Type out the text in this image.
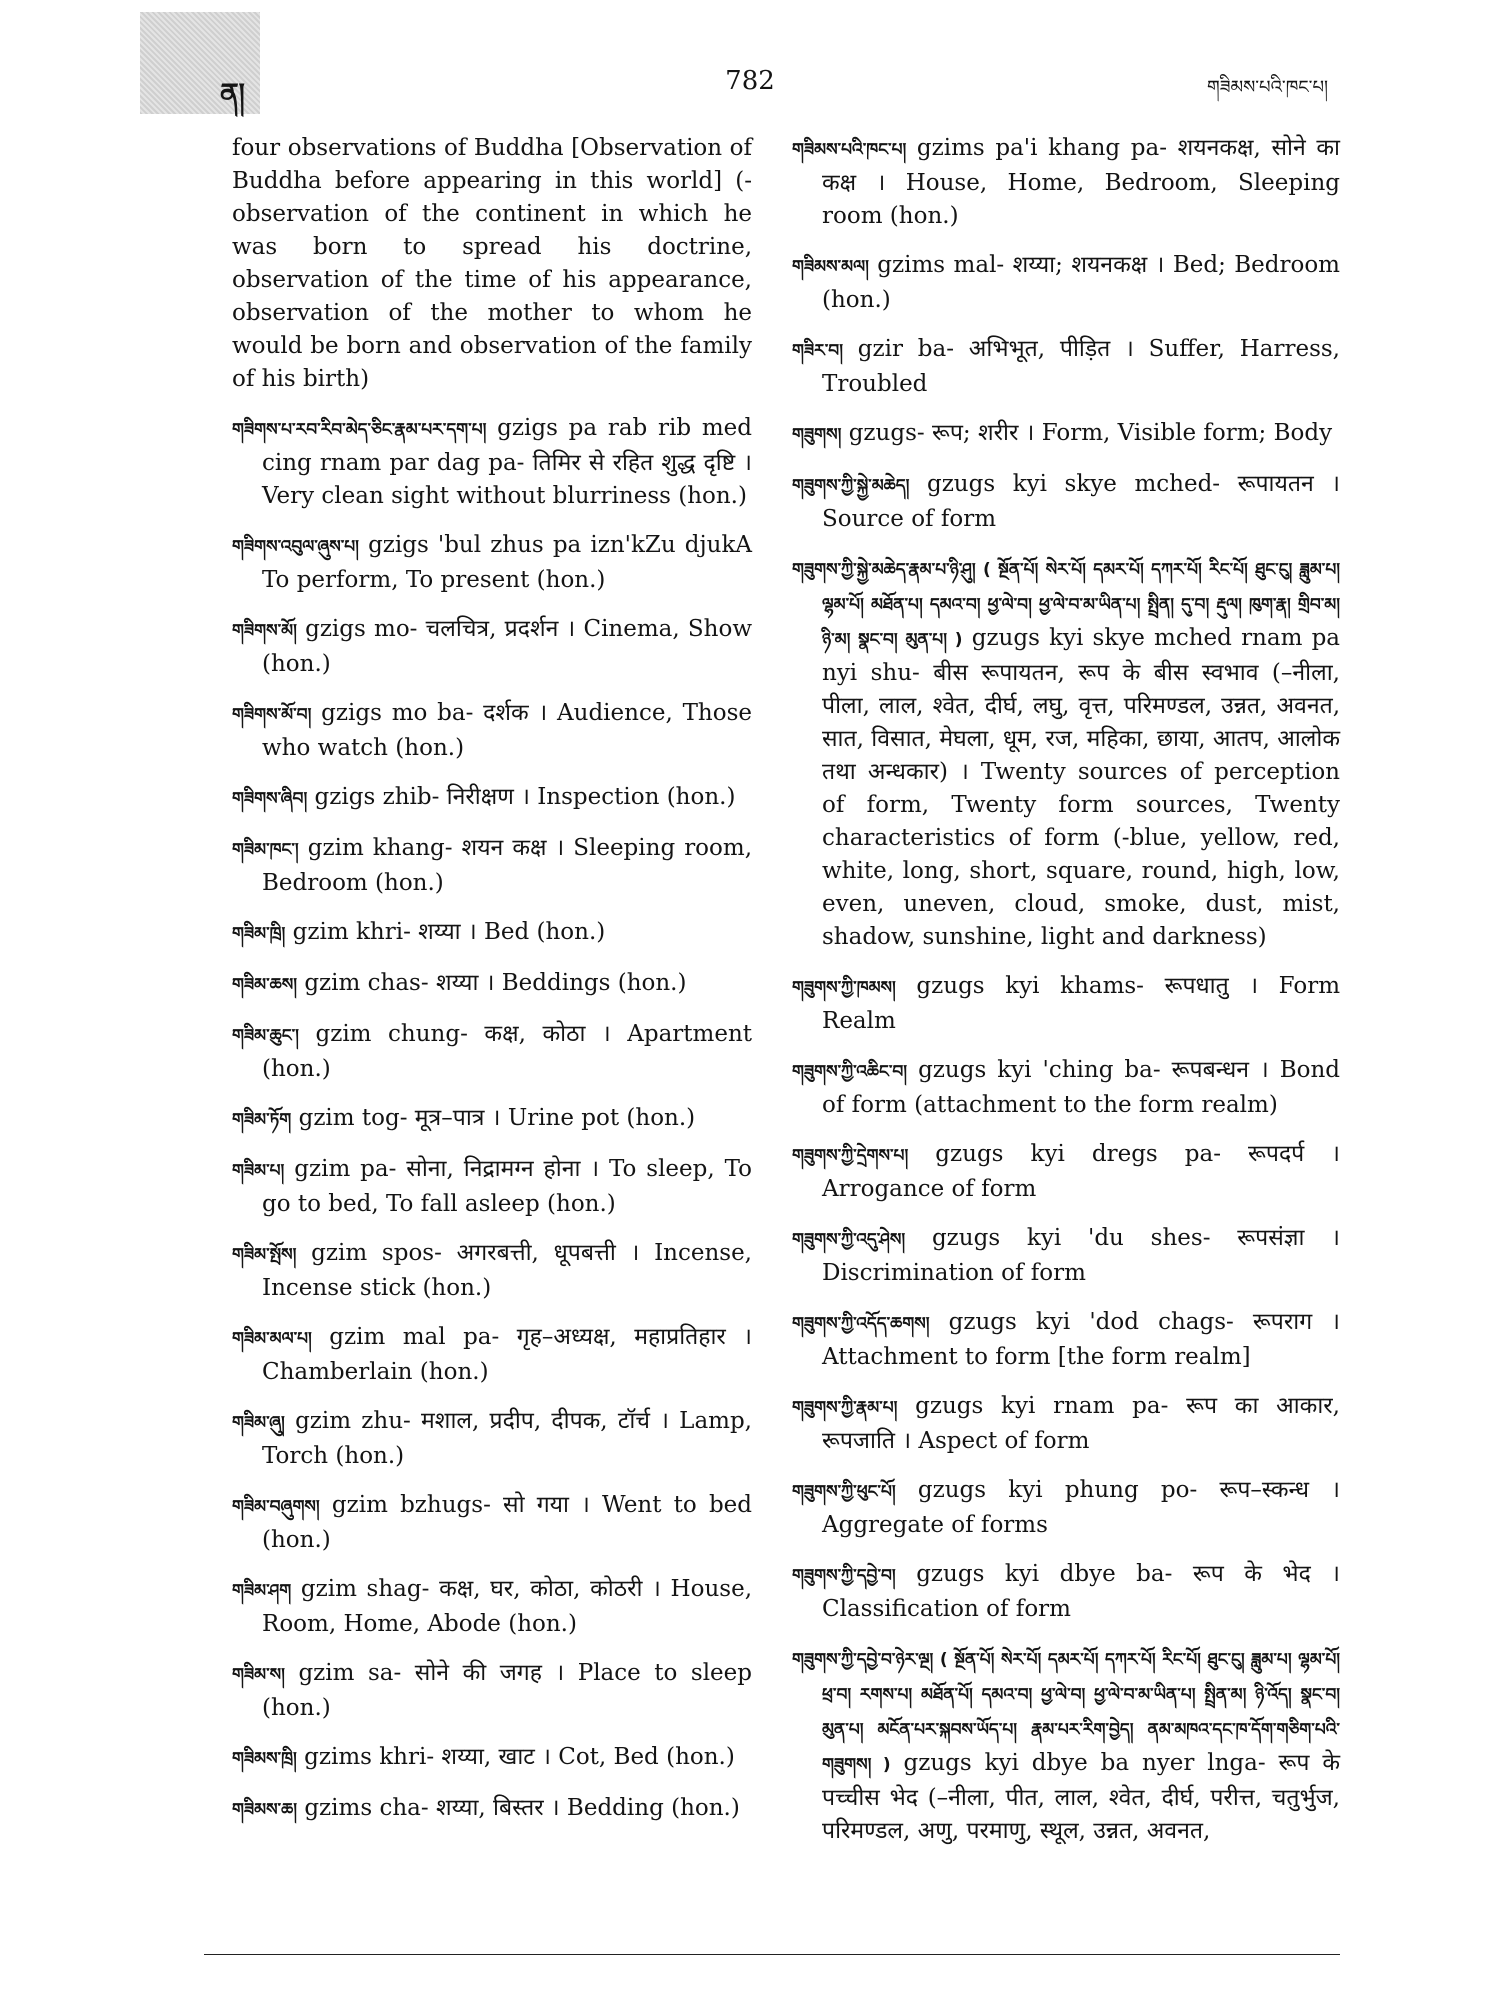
ན།	782	གཟིམས་པའི་ཁང་པ།

four observations of Buddha [Observation of Buddha before appearing in this world] (-observation of the continent in which he was born to spread his doctrine, observation of the time of his appearance, observation of the mother to whom he would be born and observation of the family of his birth)

གཟིགས་པ་རབ་རིབ་མེད་ཅིང་རྣམ་པར་དག་པ། gzigs pa rab rib med cing rnam par dag pa- तिमिर से रहित शुद्ध दृष्टि । Very clean sight without blurriness (hon.)

གཟིགས་འབུལ་ཞུས་པ། gzigs 'bul zhus pa izn'kZu djukA To perform, To present (hon.)

གཟིགས་མོ། gzigs mo- चलचित्र, प्रदर्शन । Cinema, Show (hon.)

གཟིགས་མོ་བ། gzigs mo ba- दर्शक । Audience, Those who watch (hon.)

གཟིགས་ཞིབ། gzigs zhib- निरीक्षण । Inspection (hon.)

གཟིམ་ཁང་། gzim khang- शयन कक्ष । Sleeping room, Bedroom (hon.)

གཟིམ་ཁྲི། gzim khri- शय्या । Bed (hon.)

གཟིམ་ཆས། gzim chas- शय्या । Beddings (hon.)

གཟིམ་ཆུང་། gzim chung- कक्ष, कोठा । Apartment (hon.)

གཟིམ་ཏོག gzim tog- मूत्र–पात्र । Urine pot (hon.)

གཟིམ་པ། gzim pa- सोना, निद्रामग्न होना । To sleep, To go to bed, To fall asleep (hon.)

གཟིམ་སྤོས། gzim spos- अगरबत्ती, धूपबत्ती । Incense, Incense stick (hon.)

གཟིམ་མལ་པ། gzim mal pa- गृह–अध्यक्ष, महाप्रतिहार । Chamberlain (hon.)

གཟིམ་ཞུ། gzim zhu- मशाल, प्रदीप, दीपक, टॉर्च । Lamp, Torch (hon.)

གཟིམ་བཞུགས། gzim bzhugs- सो गया । Went to bed (hon.)

གཟིམ་ཤག gzim shag- कक्ष, घर, कोठा, कोठरी । House, Room, Home, Abode (hon.)

གཟིམ་ས། gzim sa- सोने की जगह । Place to sleep (hon.)

གཟིམས་ཁྲི། gzims khri- शय्या, खाट । Cot, Bed (hon.)

གཟིམས་ཆ། gzims cha- शय्या, बिस्तर । Bedding (hon.)

གཟིམས་པའི་ཁང་པ། gzims pa'i khang pa- शयनकक्ष, सोने का कक्ष । House, Home, Bedroom, Sleeping room (hon.)

གཟིམས་མལ། gzims mal- शय्या; शयनकक्ष । Bed; Bedroom (hon.)

གཟིར་བ། gzir ba- अभिभूत, पीड़ित । Suffer, Harress, Troubled

གཟུགས། gzugs- रूप; शरीर । Form, Visible form; Body

གཟུགས་ཀྱི་སྐྱེ་མཆེད། gzugs kyi skye mched- रूपायतन । Source of form

གཟུགས་ཀྱི་སྐྱེ་མཆེད་རྣམ་པ་ཉི་ཤུ། ( སྔོན་པོ། སེར་པོ། དམར་པོ། དཀར་པོ། རིང་པོ། ཐུང་ངུ། ཟླུམ་པ། ལྷམ་པོ། མཐོན་པ། དམའ་བ། ཕྱ་ལེ་བ། ཕྱ་ལེ་བ་མ་ཡིན་པ། སྤྲིན། དུ་བ། རྡུལ། ཁུག་རྣ། གྲིབ་མ། ཉི་མ། སྣང་བ། མུན་པ། ) gzugs kyi skye mched rnam pa nyi shu- बीस रूपायतन, रूप के बीस स्वभाव (–नीला, पीला, लाल, श्वेत, दीर्घ, लघु, वृत्त, परिमण्डल, उन्नत, अवनत, सात, विसात, मेघला, धूम, रज, महिका, छाया, आतप, आलोक तथा अन्धकार) । Twenty sources of perception of form, Twenty form sources, Twenty characteristics of form (-blue, yellow, red, white, long, short, square, round, high, low, even, uneven, cloud, smoke, dust, mist, shadow, sunshine, light and darkness)

གཟུགས་ཀྱི་ཁམས། gzugs kyi khams- रूपधातु । Form Realm

གཟུགས་ཀྱི་འཆིང་བ། gzugs kyi 'ching ba- रूपबन्धन । Bond of form (attachment to the form realm)

གཟུགས་ཀྱི་དྲེགས་པ། gzugs kyi dregs pa- रूपदर्प । Arrogance of form

གཟུགས་ཀྱི་འདུ་ཤེས། gzugs kyi 'du shes- रूपसंज्ञा । Discrimination of form

གཟུགས་ཀྱི་འདོད་ཆགས། gzugs kyi 'dod chags- रूपराग । Attachment to form [the form realm]

གཟུགས་ཀྱི་རྣམ་པ། gzugs kyi rnam pa- रूप का आकार, रूपजाति । Aspect of form

གཟུགས་ཀྱི་ཕུང་པོ། gzugs kyi phung po- रूप–स्कन्ध । Aggregate of forms

གཟུགས་ཀྱི་དབྱེ་བ། gzugs kyi dbye ba- रूप के भेद । Classification of form

གཟུགས་ཀྱི་དབྱེ་བ་ཉེར་ལྔ། ( སྔོན་པོ། སེར་པོ། དམར་པོ། དཀར་པོ། རིང་པོ། ཐུང་ངུ། ཟླུམ་པ། ལྷམ་པོ། ཕྲ་བ། རགས་པ། མཐོན་པོ། དམའ་བ། ཕྱ་ལེ་བ། ཕྱ་ལེ་བ་མ་ཡིན་པ། སྤྲིན་མ། ཉི་འོད། སྣང་བ། མུན་པ། མངོན་པར་སྐབས་ཡོད་པ། རྣམ་པར་རིག་བྱེད། ནམ་མཁའ་དང་ཁ་དོག་གཅིག་པའི་གཟུགས། ) gzugs kyi dbye ba nyer lnga- रूप के पच्चीस भेद (–नीला, पीत, लाल, श्वेत, दीर्घ, परीत्त, चतुर्भुज, परिमण्डल, अणु, परमाणु, स्थूल, उन्नत, अवनत,
